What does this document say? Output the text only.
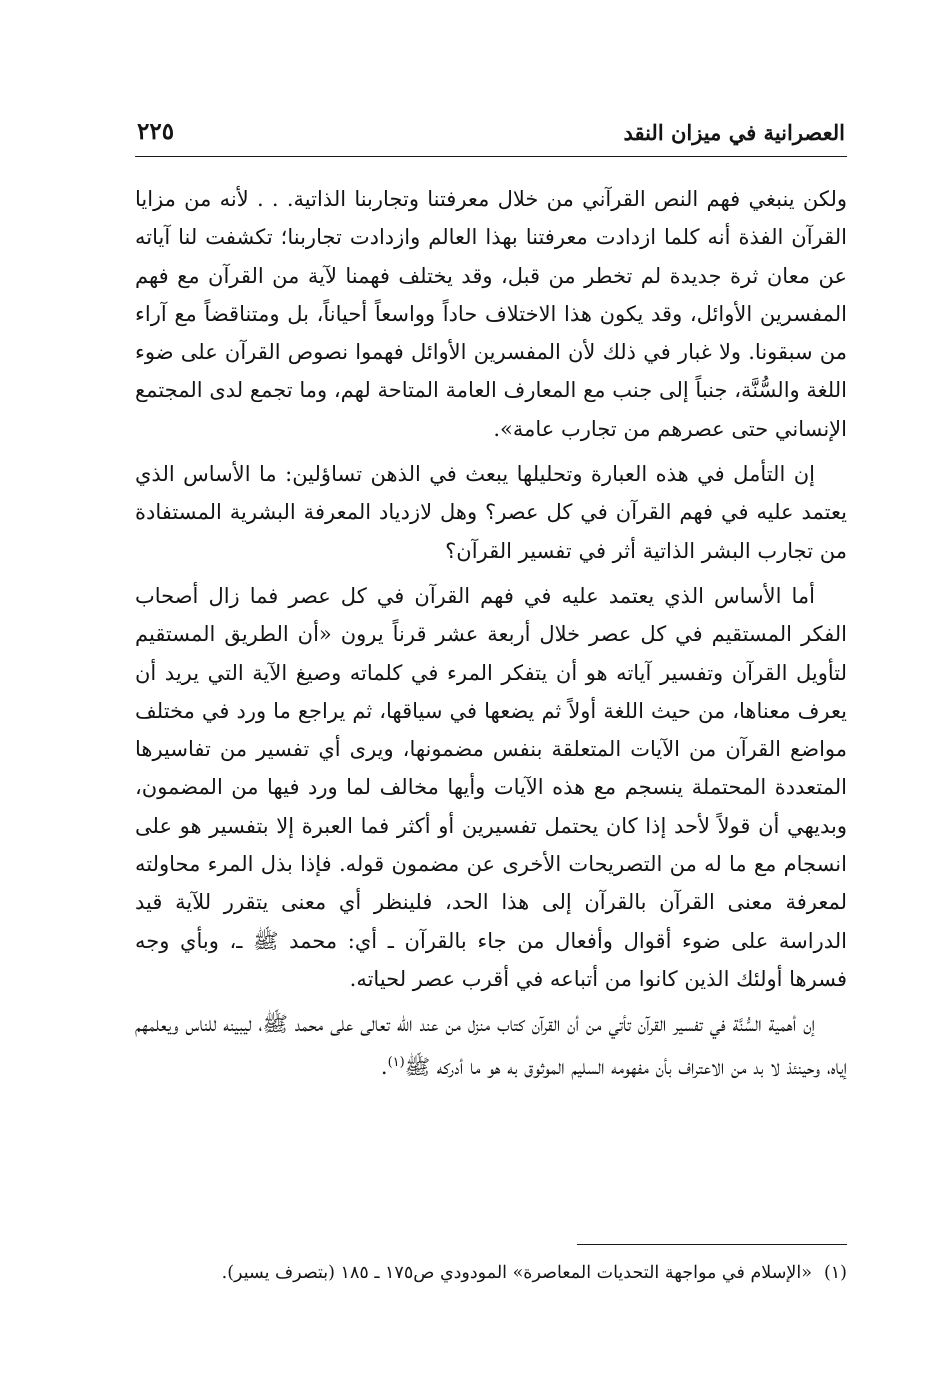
العصرانية في ميزان النقد
٢٢٥

ولكن ينبغي فهم النص القرآني من خلال معرفتنا وتجاربنا الذاتية. . . لأنه من مزايا القرآن الفذة أنه كلما ازدادت معرفتنا بهذا العالم وازدادت تجاربنا؛ تكشفت لنا آياته عن معان ثرة جديدة لم تخطر من قبل، وقد يختلف فهمنا لآية من القرآن مع فهم المفسرين الأوائل، وقد يكون هذا الاختلاف حاداً وواسعاً أحياناً، بل ومتناقضاً مع آراء من سبقونا. ولا غبار في ذلك لأن المفسرين الأوائل فهموا نصوص القرآن على ضوء اللغة والسُّنَّة، جنباً إلى جنب مع المعارف العامة المتاحة لهم، وما تجمع لدى المجتمع الإنساني حتى عصرهم من تجارب عامة».

إن التأمل في هذه العبارة وتحليلها يبعث في الذهن تساؤلين: ما الأساس الذي يعتمد عليه في فهم القرآن في كل عصر؟ وهل لازدياد المعرفة البشرية المستفادة من تجارب البشر الذاتية أثر في تفسير القرآن؟

أما الأساس الذي يعتمد عليه في فهم القرآن في كل عصر فما زال أصحاب الفكر المستقيم في كل عصر خلال أربعة عشر قرناً يرون «أن الطريق المستقيم لتأويل القرآن وتفسير آياته هو أن يتفكر المرء في كلماته وصيغ الآية التي يريد أن يعرف معناها، من حيث اللغة أولاً ثم يضعها في سياقها، ثم يراجع ما ورد في مختلف مواضع القرآن من الآيات المتعلقة بنفس مضمونها، ويرى أي تفسير من تفاسيرها المتعددة المحتملة ينسجم مع هذه الآيات وأيها مخالف لما ورد فيها من المضمون، وبديهي أن قولاً لأحد إذا كان يحتمل تفسيرين أو أكثر فما العبرة إلا بتفسير هو على انسجام مع ما له من التصريحات الأخرى عن مضمون قوله. فإذا بذل المرء محاولته لمعرفة معنى القرآن بالقرآن إلى هذا الحد، فلينظر أي معنى يتقرر للآية قيد الدراسة على ضوء أقوال وأفعال من جاء بالقرآن ـ أي: محمد ﷺ ـ، وبأي وجه فسرها أولئك الذين كانوا من أتباعه في أقرب عصر لحياته.

إن أهمية السُّنَّة في تفسير القرآن تأتي من أن القرآن كتاب منزل من عند الله تعالى على محمد ﷺ، ليبينه للناس ويعلمهم إياه، وحينئذ لا بد من الاعتراف بأن مفهومه السليم الموثوق به هو ما أدركه ﷺ$^{(١)}$.

(١)«الإسلام في مواجهة التحديات المعاصرة» المودودي ص١٧٥ ـ ١٨٥ (بتصرف يسير).
